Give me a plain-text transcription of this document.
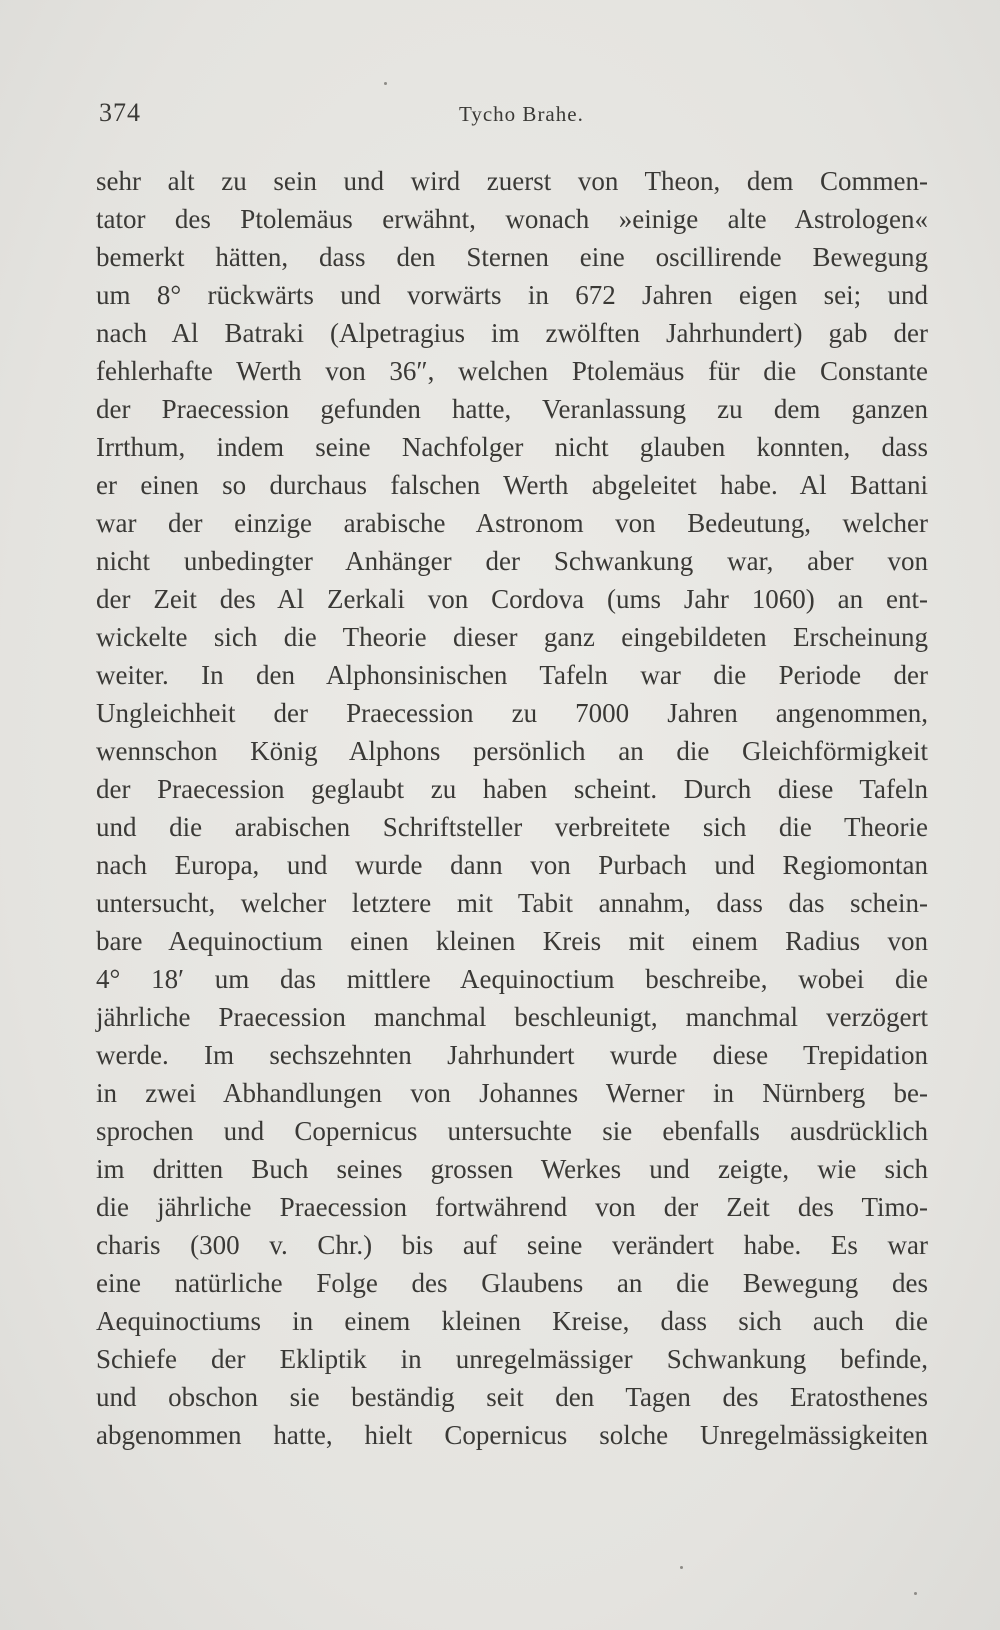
374	Tycho Brahe.
sehr alt zu sein und wird zuerst von Theon, dem Commen-
tator des Ptolemäus erwähnt, wonach »einige alte Astrologen«
bemerkt hätten, dass den Sternen eine oscillirende Bewegung
um 8° rückwärts und vorwärts in 672 Jahren eigen sei; und
nach Al Batraki (Alpetragius im zwölften Jahrhundert) gab der
fehlerhafte Werth von 36″, welchen Ptolemäus für die Constante
der Praecession gefunden hatte, Veranlassung zu dem ganzen
Irrthum, indem seine Nachfolger nicht glauben konnten, dass
er einen so durchaus falschen Werth abgeleitet habe. Al Battani
war der einzige arabische Astronom von Bedeutung, welcher
nicht unbedingter Anhänger der Schwankung war, aber von
der Zeit des Al Zerkali von Cordova (ums Jahr 1060) an ent-
wickelte sich die Theorie dieser ganz eingebildeten Erscheinung
weiter. In den Alphonsinischen Tafeln war die Periode der
Ungleichheit der Praecession zu 7000 Jahren angenommen,
wennschon König Alphons persönlich an die Gleichförmigkeit
der Praecession geglaubt zu haben scheint. Durch diese Tafeln
und die arabischen Schriftsteller verbreitete sich die Theorie
nach Europa, und wurde dann von Purbach und Regiomontan
untersucht, welcher letztere mit Tabit annahm, dass das schein-
bare Aequinoctium einen kleinen Kreis mit einem Radius von
4° 18′ um das mittlere Aequinoctium beschreibe, wobei die
jährliche Praecession manchmal beschleunigt, manchmal verzögert
werde. Im sechszehnten Jahrhundert wurde diese Trepidation
in zwei Abhandlungen von Johannes Werner in Nürnberg be-
sprochen und Copernicus untersuchte sie ebenfalls ausdrücklich
im dritten Buch seines grossen Werkes und zeigte, wie sich
die jährliche Praecession fortwährend von der Zeit des Timo-
charis (300 v. Chr.) bis auf seine verändert habe. Es war
eine natürliche Folge des Glaubens an die Bewegung des
Aequinoctiums in einem kleinen Kreise, dass sich auch die
Schiefe der Ekliptik in unregelmässiger Schwankung befinde,
und obschon sie beständig seit den Tagen des Eratosthenes
abgenommen hatte, hielt Copernicus solche Unregelmässigkeiten
